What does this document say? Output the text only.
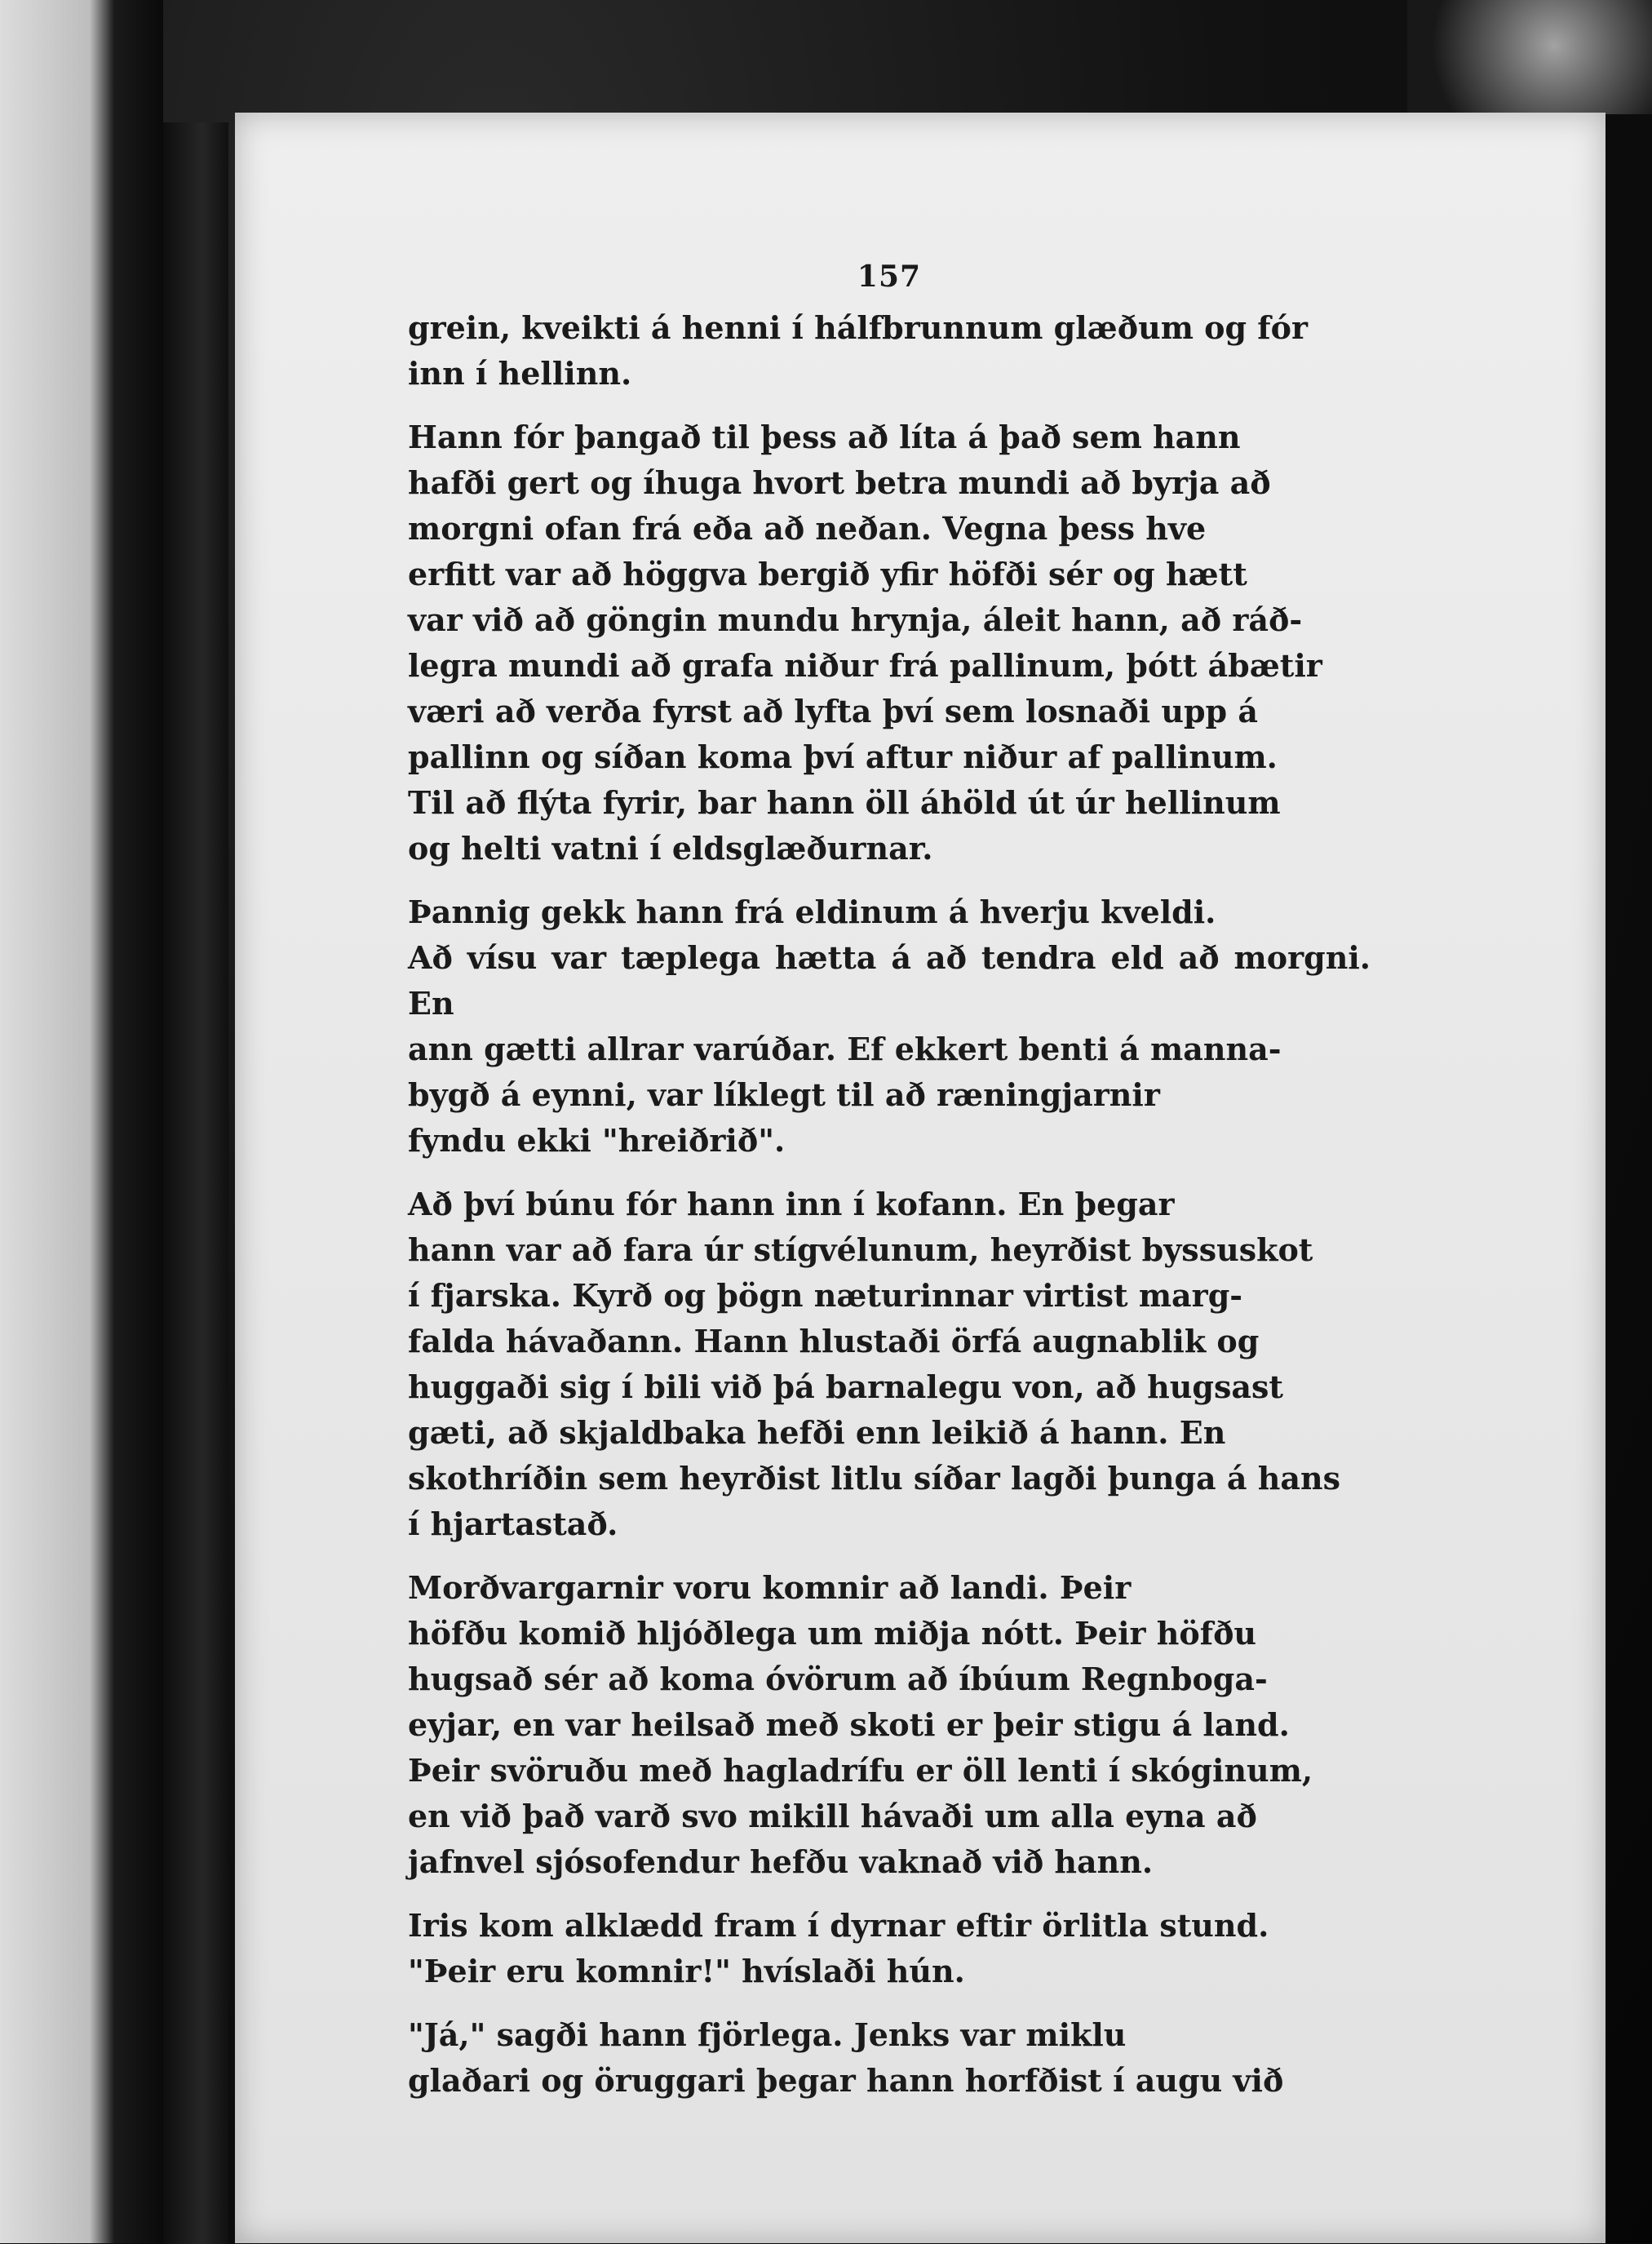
157

grein, kveikti á henni í hálfbrunnum glæðum og fór
inn í hellinn.

Hann fór þangað til þess að líta á það sem hann
hafði gert og íhuga hvort betra mundi að byrja að
morgni ofan frá eða að neðan. Vegna þess hve
erfitt var að höggva bergið yfir höfði sér og hætt
var við að göngin mundu hrynja, áleit hann, að ráð-
legra mundi að grafa niður frá pallinum, þótt ábætir
væri að verða fyrst að lyfta því sem losnaði upp á
pallinn og síðan koma því aftur niður af pallinum.
Til að flýta fyrir, bar hann öll áhöld út úr hellinum
og helti vatni í eldsglæðurnar.

Þannig gekk hann frá eldinum á hverju kveldi.
Að vísu var tæplega hætta á að tendra eld að morgni. En
ann gætti allrar varúðar. Ef ekkert benti á manna-
bygð á eynni, var líklegt til að ræningjarnir
fyndu ekki "hreiðrið".

Að því búnu fór hann inn í kofann. En þegar
hann var að fara úr stígvélunum, heyrðist byssuskot
í fjarska. Kyrð og þögn næturinnar virtist marg-
falda hávaðann. Hann hlustaði örfá augnablik og
huggaði sig í bili við þá barnalegu von, að hugsast
gæti, að skjaldbaka hefði enn leikið á hann. En
skothríðin sem heyrðist litlu síðar lagði þunga á hans
í hjartastað.

Morðvargarnir voru komnir að landi. Þeir
höfðu komið hljóðlega um miðja nótt. Þeir höfðu
hugsað sér að koma óvörum að íbúum Regnboga-
eyjar, en var heilsað með skoti er þeir stigu á land.
Þeir svöruðu með hagladrífu er öll lenti í skóginum,
en við það varð svo mikill hávaði um alla eyna að
jafnvel sjósofendur hefðu vaknað við hann.

Iris kom alklædd fram í dyrnar eftir örlitla stund.
"Þeir eru komnir!" hvíslaði hún.

"Já," sagði hann fjörlega. Jenks var miklu
glaðari og öruggari þegar hann horfðist í augu við
